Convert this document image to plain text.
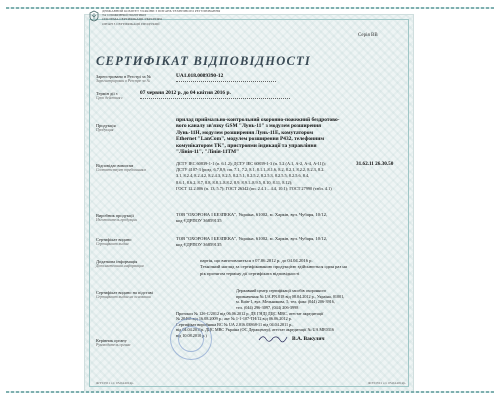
ДЕРЖАВНИЙ КОМІТЕТ УКРАЇНИ З ПИТАНЬ ТЕХНІЧНОГО РЕГУЛЮВАННЯ
ТА СПОЖИВЧОЇ ПОЛІТИКИ
СИСТЕМА СЕРТИФІКАЦІЇ УКРСЕПРО
ОРГАН З СЕРТИФІКАЦІЇ ПРОДУКЦІЇ
Серія ВВ
СЕРТИФІКАТ ВІДПОВІДНОСТІ
Зареєстровано в Реєстрі за №
Зарегистрирован в Реестре за №
UA1.018.0089390-12
Термін дії з
Срок действия с
07 червня 2012 р. до 04 квітня 2016 р.
Продукція
Продукция
прилад приймально-контрольний охоронно-пожежний бездротово-
вого каналу зв'язку GSM "Лунь-11" з модулем розширення
Лунь-11Н, модулем розширення Лунь-11Е, комутатором
Ethernet "LanCom", модулем розширення P432, телефонним
комунікатором ТК", пристроями індикації та управління
"Лінія-11", "Лінія-11ТМ"
31.62.11 26.30.50
Відповідає вимогам
Соответствует требованиям
ДСТУ IEC 60839-1-1 (п. 6.1.2); ДСТУ IEC 60839-1-3 (п. 5.2 (А.1, А-2, А-4, А-11));
ДСТУ 4107-3 (розд. 6,7,8,9, пп. 7.1, 7.2, 8.1, 8.1.1–8.1.6, 8.2, 8.2.1, 8.2.2, 8.2.3, 8.2.
3.1, 8.2.4, 8.2.4.2, 8.2.4.3, 8.2.5, 8.2.5.1, 8.2.5.2, 8.2.5.3, 8.2.5.5, 8.2.5.6, 8.4,
8.6.1, 8.6.2, 8.7, 8.8, 8.8.1–8.8.2, 8.9, 8.9.1–8.9.5, 8.10, 8.11, 8.12);
ГОСТ 12.2.006 (п. 13, 5.7); ГОСТ 26342 (пп. 2.4.1 – 4.4, 10.1); ГОСТ 27990 (табл. 4.1)
Виробник продукції
Изготовитель продукции
ТОВ "ОХОРОНА І БЕЗПЕКА", Україна, 61002, м. Харків, вул. Чубаря, 10/12,
код ЄДРПОУ 36859135
Сертифікат видано
Сертификат выдан
ТОВ "ОХОРОНА І БЕЗПЕКА", Україна, 61002, м. Харків, вул. Чубаря, 10/12,
код ЄДРПОУ 36859135
Додаткова інформація
Дополнительная информация
партія, що виготовляється з 07.06.2012 р. до 04.04.2016 р.
Технічний нагляд за сертифікованою продукцією здійснюється один раз на
рік протягом терміну дії сертифіката відповідності
Сертифікат видано на підставі
Сертификат выдан на основании
Державний центр сертифікації засобів охоронного
призначення № UA.PN.018 від 08.04.2012 р., Україна, 01001,
м. Київ-1, вул. Мельникова, 5, тел. факс (044) 206-3916,
тел. (044) 296-3097, (044) 206-3998
Протокол № 12б-С/2012 від 06.06.2012 р. ДЕ ГНДІ ДЦС МВС, атестат акредитації
№ 20465 від 16.08.2009 р.; акт № 1-1-107-ТН/12 від 06.06.2012 р.
Сертифікат виробника ВС № UA 2.016.03868-11 від 04.04.2011 р.,
від 04.04.2011р. ДЦС МВС Україна (ОС Держцентр), атестат акредитації № UA МЕ0316
від 10.08.2010 р.)
Керівник органу
Руководитель органа
В.А. Вакулич
Ф/УСЄ01 с.т. 05.04.2012р.	Ф/УСЄ01 с.т. 05.04.2012р.
